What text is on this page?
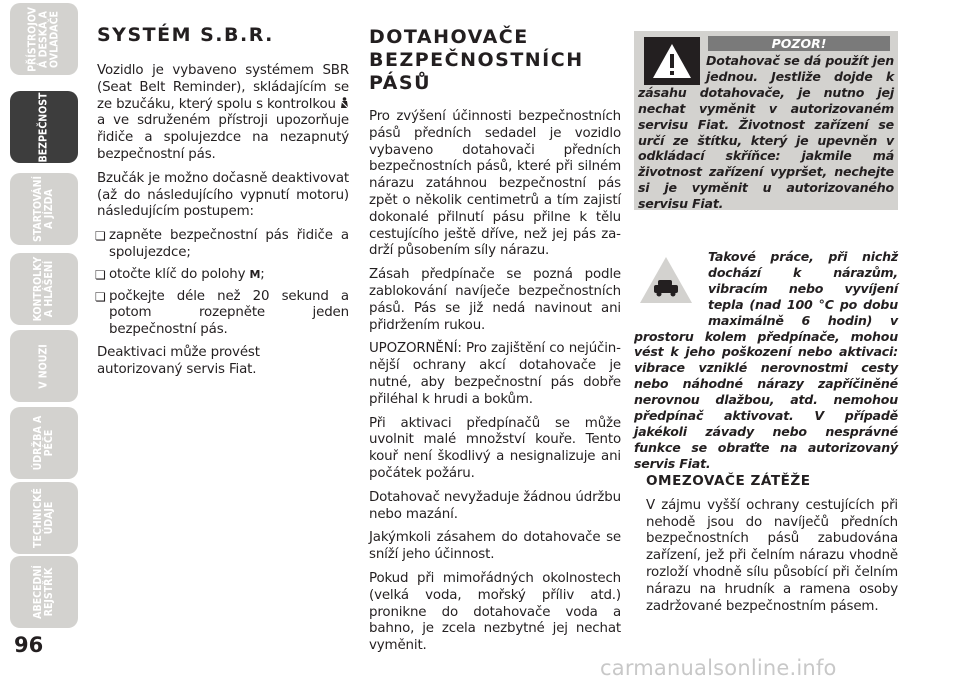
PŘÍSTROJOV
Á DESKA A
OVLADAČE
BEZPEČNOST
STARTOVÁNÍ
A JÍZDA
KONTROLKY
A HLÁŠENÍ
V NOUZI
ÚDRŽBA A
PÉČE
TECHNICKÉ
ÚDAJE
ABECEDNÍ
REJSTŘÍK
96
carmanualsonline.info
SYSTÉM S.B.R.

Vozidlo je vybaveno systémem SBR (Seat Belt Reminder), skládajícím se ze bzučáku, který spolu s kontrolkou  a ve sdruženém přístroji upozorňuje řidiče a spolujezdce na nezapnutý bezpečnostní pás.

Bzučák je možno dočasně deaktivovat (až do následujícího vypnutí motoru) následujícím postupem:

❏ zapněte bezpečnostní pás řidiče a spolujezdce;
❏ otočte klíč do polohy M;
❏ počkejte déle než 20 sekund a potom rozepněte jeden bezpečnostní pás.

Deaktivaci může provést autorizovaný servis Fiat.

DOTAHOVAČE BEZPEČNOSTNÍCH PÁSŮ

Pro zvýšení účinnosti bezpečnostních pásů předních sedadel je vozidlo vybaveno dotahovači předních bezpečnostních pásů, které při silném nárazu zatáhnou bezpečnostní pás zpět o několik centimetrů a tím zajistí dokonalé přilnutí pásu přilne k tělu cestujícího ještě dříve, než jej pás zadrží působením síly nárazu.

Zásah předpínače se pozná podle zablokování navíječe bezpečnostních pásů. Pás se již nedá navinout ani přidržením rukou.

UPOZORNĚNÍ: Pro zajištění co nejúčinnější ochrany akcí dotahovače je nutné, aby bezpečnostní pás dobře přiléhal k hrudi a bokům.

Při aktivaci předpínačů se může uvolnit malé množství kouře. Tento kouř není škodlivý a nesignalizuje ani počátek požáru.

Dotahovač nevyžaduje žádnou údržbu nebo mazání.

Jakýmkoli zásahem do dotahovače se sníží jeho účinnost.

Pokud při mimořádných okolnostech (velká voda, mořský příliv atd.) pronikne do dotahovače voda a bahno, je zcela nezbytné jej nechat vyměnit.

POZOR!
Dotahovač se dá použít jen jednou. Jestliže dojde k zásahu dotahovače, je nutno jej nechat vyměnit v autorizovaném servisu Fiat. Životnost zařízení se určí ze štítku, který je upevněn v odkládací skříňce: jakmile má životnost zařízení vypršet, nechejte si je vyměnit u autorizovaného servisu Fiat.
Takové práce, při nichž dochází k nárazům, vibracím nebo vyvíjení tepla (nad 100 °C po dobu maximálně 6 hodin) v prostoru kolem předpínače, mohou vést k jeho poškození nebo aktivaci: vibrace vzniklé nerovnostmi cesty nebo náhodné nárazy zapříčiněné nerovnou dlažbou, atd. nemohou předpínač aktivovat. V případě jakékoli závady nebo nesprávné funkce se obraťte na autorizovaný servis Fiat.
OMEZOVAČE ZÁTĚŽE

V zájmu vyšší ochrany cestujících při nehodě jsou do navíječů předních bezpečnostních pásů zabudována zařízení, jež při čelním nárazu vhodně rozloží vhodně sílu působící při čelním nárazu na hrudník a ramena osoby zadržované bezpečnostním pásem.
